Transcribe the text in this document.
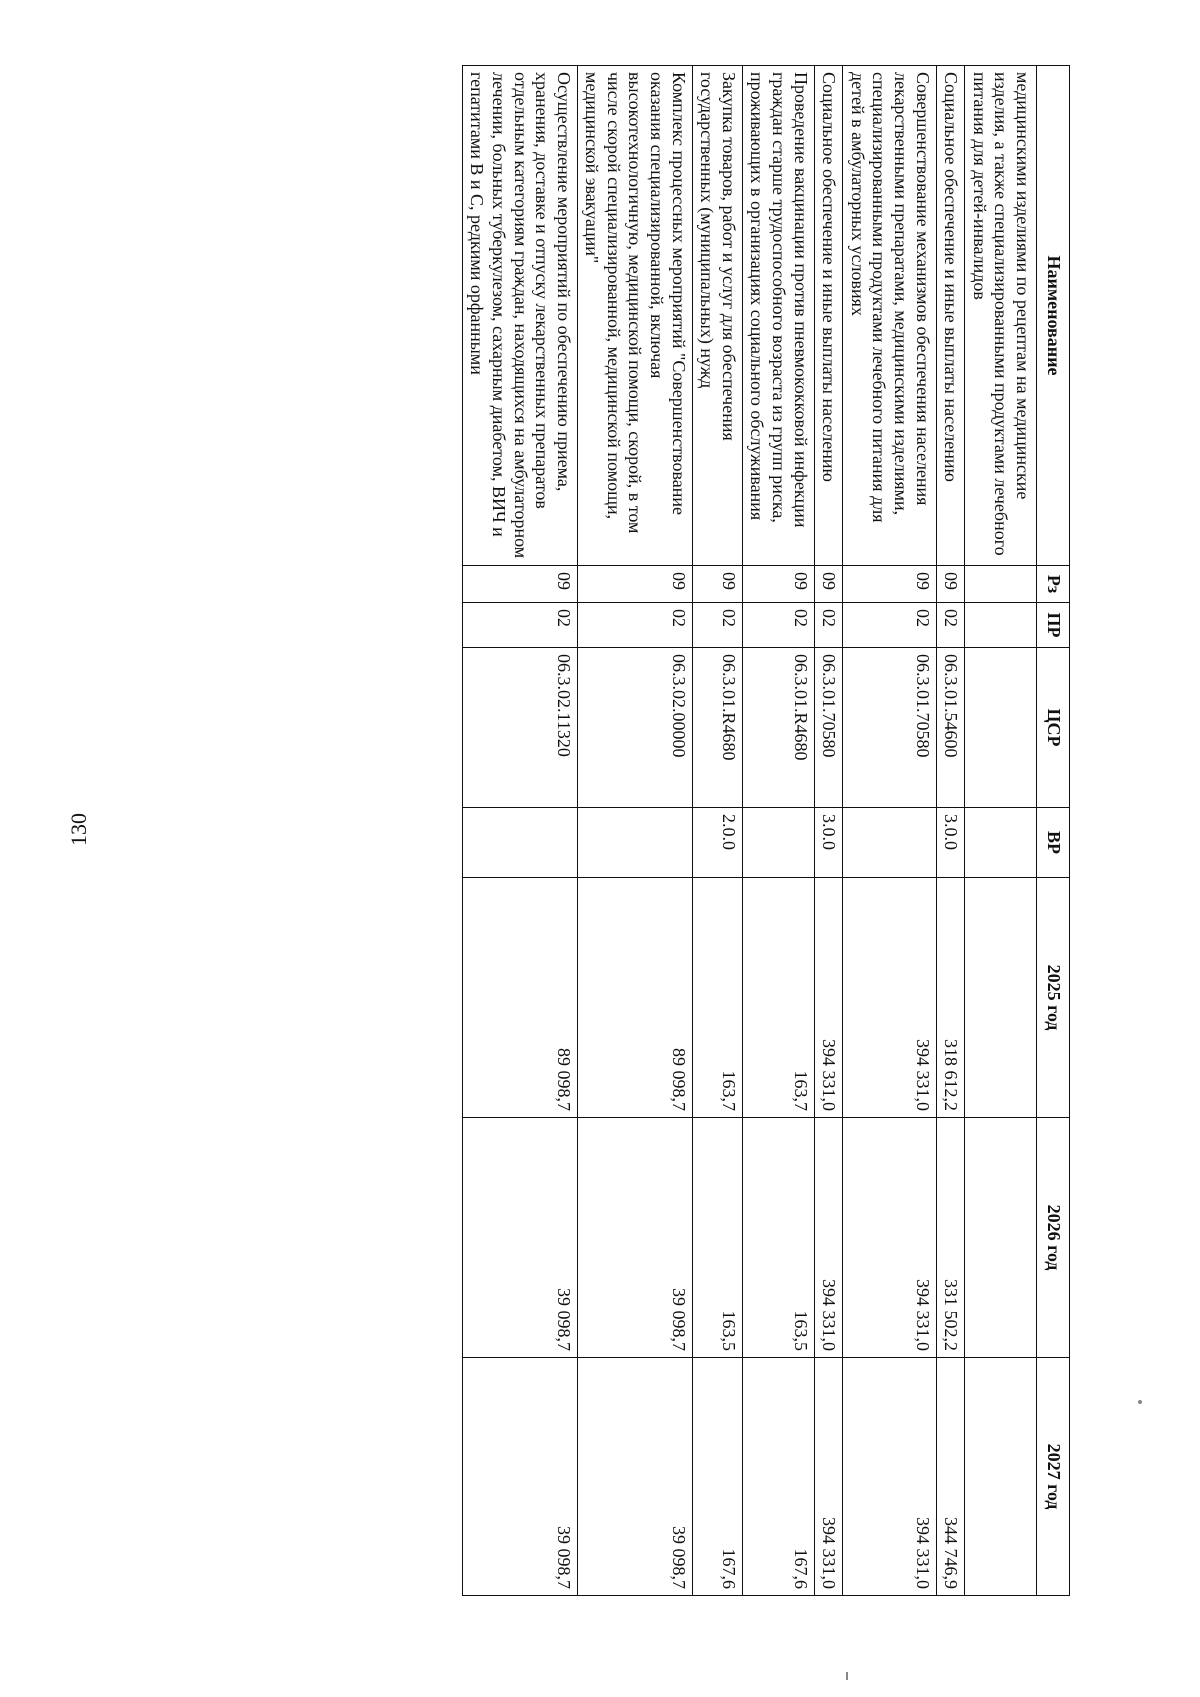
130
Наименование	Рз	ПР	ЦСР	ВР	2025 год	2026 год	2027 год
медицинскими изделиями по рецептам на медицинские изделия, а также специализированными продуктами лечебного питания для детей-инвалидов							
Социальное обеспечение и иные выплаты населению	09	02	06.3.01.54600	3.0.0	318 612,2	331 502,2	344 746,9
Совершенствование механизмов обеспечения населения лекарственными препаратами, медицинскими изделиями, специализированными продуктами лечебного питания для детей в амбулаторных условиях	09	02	06.3.01.70580		394 331,0	394 331,0	394 331,0
Социальное обеспечение и иные выплаты населению	09	02	06.3.01.70580	3.0.0	394 331,0	394 331,0	394 331,0
Проведение вакцинации против пневмококковой инфекции граждан старше трудоспособного возраста из групп риска, проживающих в организациях социального обслуживания	09	02	06.3.01.R4680		163,7	163,5	167,6
Закупка товаров, работ и услуг для обеспечения государственных (муниципальных) нужд	09	02	06.3.01.R4680	2.0.0	163,7	163,5	167,6
Комплекс процессных мероприятий "Совершенствование оказания специализированной, включая высокотехнологичную, медицинской помощи, скорой, в том числе скорой специализированной, медицинской помощи, медицинской эвакуации"	09	02	06.3.02.00000		89 098,7	39 098,7	39 098,7
Осуществление мероприятий по обеспечению приема, хранения, доставке и отпуску лекарственных препаратов отдельным категориям граждан, находящихся на амбулаторном лечении, больных туберкулезом, сахарным диабетом, ВИЧ и гепатитами B и C, редкими орфанными	09	02	06.3.02.11320		89 098,7	39 098,7	39 098,7
